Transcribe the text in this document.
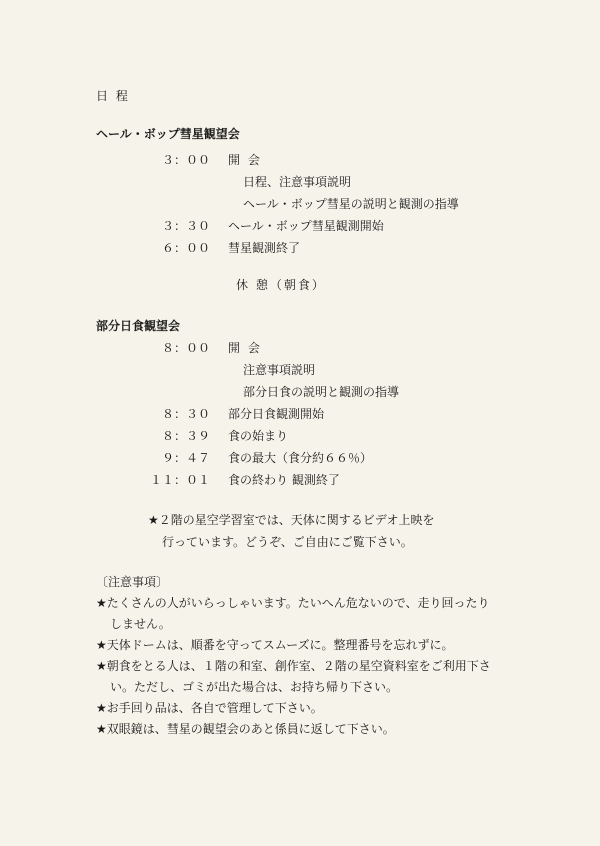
日 程
ヘール・ボップ彗星観望会
３：００ 開 会
日程、注意事項説明
ヘール・ボップ彗星の説明と観測の指導
３：３０ ヘール・ボップ彗星観測開始
６：００ 彗星観測終了
休 憩（朝食）
部分日食観望会
８：００ 開 会
注意事項説明
部分日食の説明と観測の指導
８：３０ 部分日食観測開始
８：３９ 食の始まり
９：４７ 食の最大（食分約６６％）
１１：０１ 食の終わり 観測終了
★２階の星空学習室では、天体に関するビデオ上映を
行っています。どうぞ、ご自由にご覧下さい。
〔注意事項〕
★たくさんの人がいらっしゃいます。たいへん危ないので、走り回ったり
しません。
★天体ドームは、順番を守ってスムーズに。整理番号を忘れずに。
★朝食をとる人は、１階の和室、創作室、２階の星空資料室をご利用下さ
い。ただし、ゴミが出た場合は、お持ち帰り下さい。
★お手回り品は、各自で管理して下さい。
★双眼鏡は、彗星の観望会のあと係員に返して下さい。
